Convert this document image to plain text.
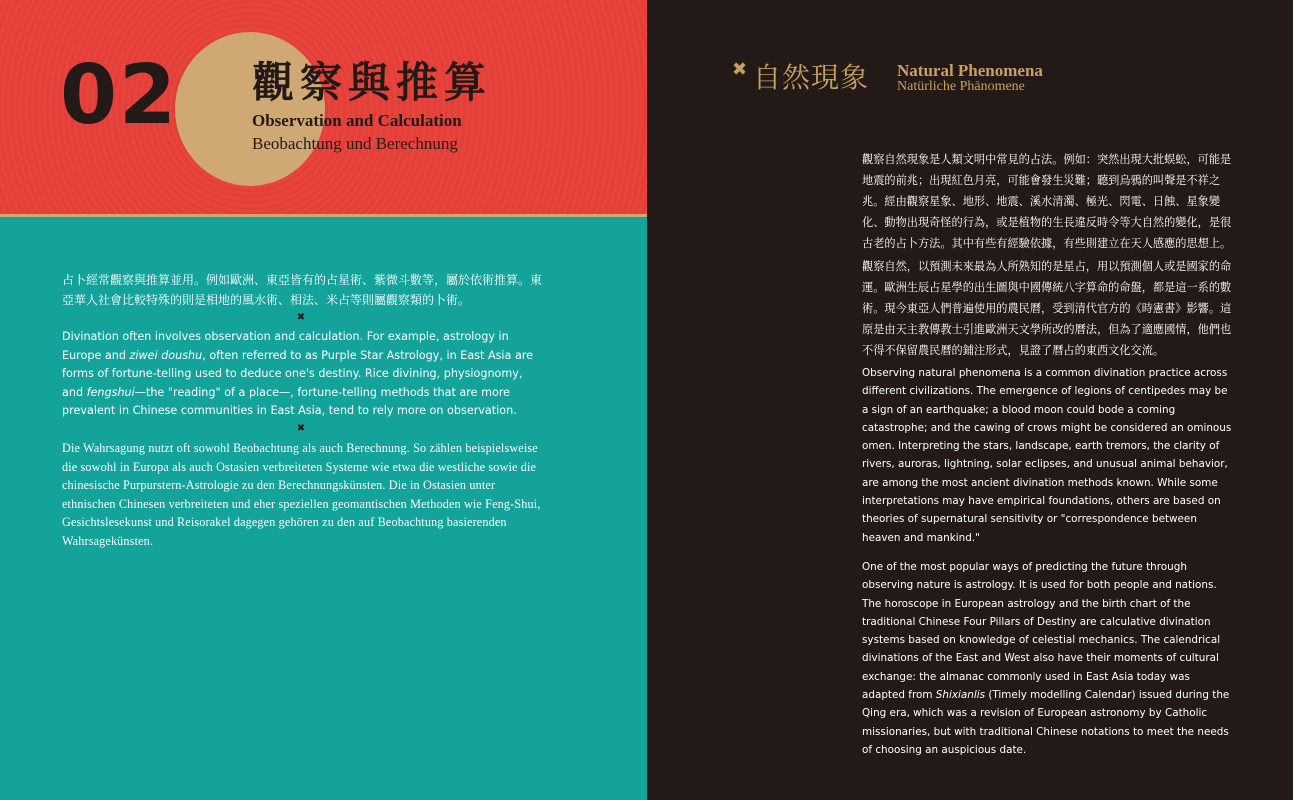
02 觀察與推算
Observation and Calculation
Beobachtung und Berechnung
占卜經常觀察與推算並用。例如歐洲、東亞皆有的占星術、紫微斗數等，屬於依術推算。東亞華人社會比較特殊的則是相地的風水術、相法、米占等則屬觀察類的卜術。
✖
Divination often involves observation and calculation. For example, astrology in Europe and ziwei doushu, often referred to as Purple Star Astrology, in East Asia are forms of fortune-telling used to deduce one's destiny. Rice divining, physiognomy, and fengshui—the "reading" of a place—, fortune-telling methods that are more prevalent in Chinese communities in East Asia, tend to rely more on observation.
✖
Die Wahrsagung nutzt oft sowohl Beobachtung als auch Berechnung. So zählen beispielsweise die sowohl in Europa als auch Ostasien verbreiteten Systeme wie etwa die westliche sowie die chinesische Purpurstern-Astrologie zu den Berechnungskünsten. Die in Ostasien unter ethnischen Chinesen verbreiteten und eher speziellen geomantischen Methoden wie Feng-Shui, Gesichtslesekunst und Reisorakel dagegen gehören zu den auf Beobachtung basierenden Wahrsagekünsten.
✖ 自然現象 Natural Phenomena
Natürliche Phänomene
觀察自然現象是人類文明中常見的占法。例如：突然出現大批蜈蚣，可能是地震的前兆；出現紅色月亮，可能會發生災難；聽到烏鴉的叫聲是不祥之兆。經由觀察星象、地形、地震、溪水清濁、極光、閃電、日蝕、星象變化、動物出現奇怪的行為，或是植物的生長違反時令等大自然的變化，是很古老的占卜方法。其中有些有經驗依據，有些則建立在天人感應的思想上。
觀察自然，以預測未來最為人所熟知的是星占，用以預測個人或是國家的命運。歐洲生辰占星學的出生圖與中國傳統八字算命的命盤，都是這一系的數術。現今東亞人們普遍使用的農民曆，受到清代官方的《時憲書》影響。這原是由天主教傳教士引進歐洲天文學所改的曆法，但為了適應國情，他們也不得不保留農民曆的鋪注形式，見證了曆占的東西文化交流。
Observing natural phenomena is a common divination practice across different civilizations. The emergence of legions of centipedes may be a sign of an earthquake; a blood moon could bode a coming catastrophe; and the cawing of crows might be considered an ominous omen. Interpreting the stars, landscape, earth tremors, the clarity of rivers, auroras, lightning, solar eclipses, and unusual animal behavior, are among the most ancient divination methods known. While some interpretations may have empirical foundations, others are based on theories of supernatural sensitivity or "correspondence between heaven and mankind."
One of the most popular ways of predicting the future through observing nature is astrology. It is used for both people and nations. The horoscope in European astrology and the birth chart of the traditional Chinese Four Pillars of Destiny are calculative divination systems based on knowledge of celestial mechanics. The calendrical divinations of the East and West also have their moments of cultural exchange: the almanac commonly used in East Asia today was adapted from Shixianlis (Timely modelling Calendar) issued during the Qing era, which was a revision of European astronomy by Catholic missionaries, but with traditional Chinese notations to meet the needs of choosing an auspicious date.
